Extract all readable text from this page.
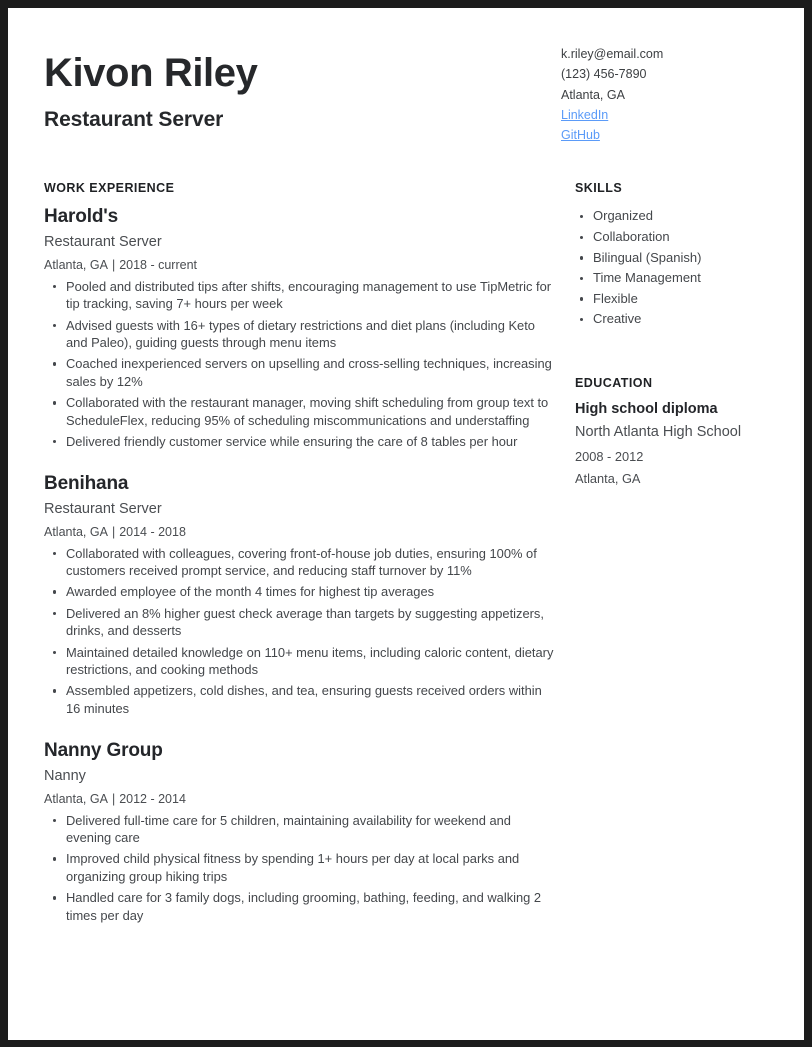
Kivon Riley
Restaurant Server
k.riley@email.com
(123) 456-7890
Atlanta, GA
LinkedIn
GitHub
WORK EXPERIENCE
Harold's
Restaurant Server
Atlanta, GA | 2018 - current
Pooled and distributed tips after shifts, encouraging management to use TipMetric for tip tracking, saving 7+ hours per week
Advised guests with 16+ types of dietary restrictions and diet plans (including Keto and Paleo), guiding guests through menu items
Coached inexperienced servers on upselling and cross-selling techniques, increasing sales by 12%
Collaborated with the restaurant manager, moving shift scheduling from group text to ScheduleFlex, reducing 95% of scheduling miscommunications and understaffing
Delivered friendly customer service while ensuring the care of 8 tables per hour
Benihana
Restaurant Server
Atlanta, GA | 2014 - 2018
Collaborated with colleagues, covering front-of-house job duties, ensuring 100% of customers received prompt service, and reducing staff turnover by 11%
Awarded employee of the month 4 times for highest tip averages
Delivered an 8% higher guest check average than targets by suggesting appetizers, drinks, and desserts
Maintained detailed knowledge on 110+ menu items, including caloric content, dietary restrictions, and cooking methods
Assembled appetizers, cold dishes, and tea, ensuring guests received orders within 16 minutes
Nanny Group
Nanny
Atlanta, GA | 2012 - 2014
Delivered full-time care for 5 children, maintaining availability for weekend and evening care
Improved child physical fitness by spending 1+ hours per day at local parks and organizing group hiking trips
Handled care for 3 family dogs, including grooming, bathing, feeding, and walking 2 times per day
SKILLS
Organized
Collaboration
Bilingual (Spanish)
Time Management
Flexible
Creative
EDUCATION
High school diploma
North Atlanta High School
2008 - 2012
Atlanta, GA
